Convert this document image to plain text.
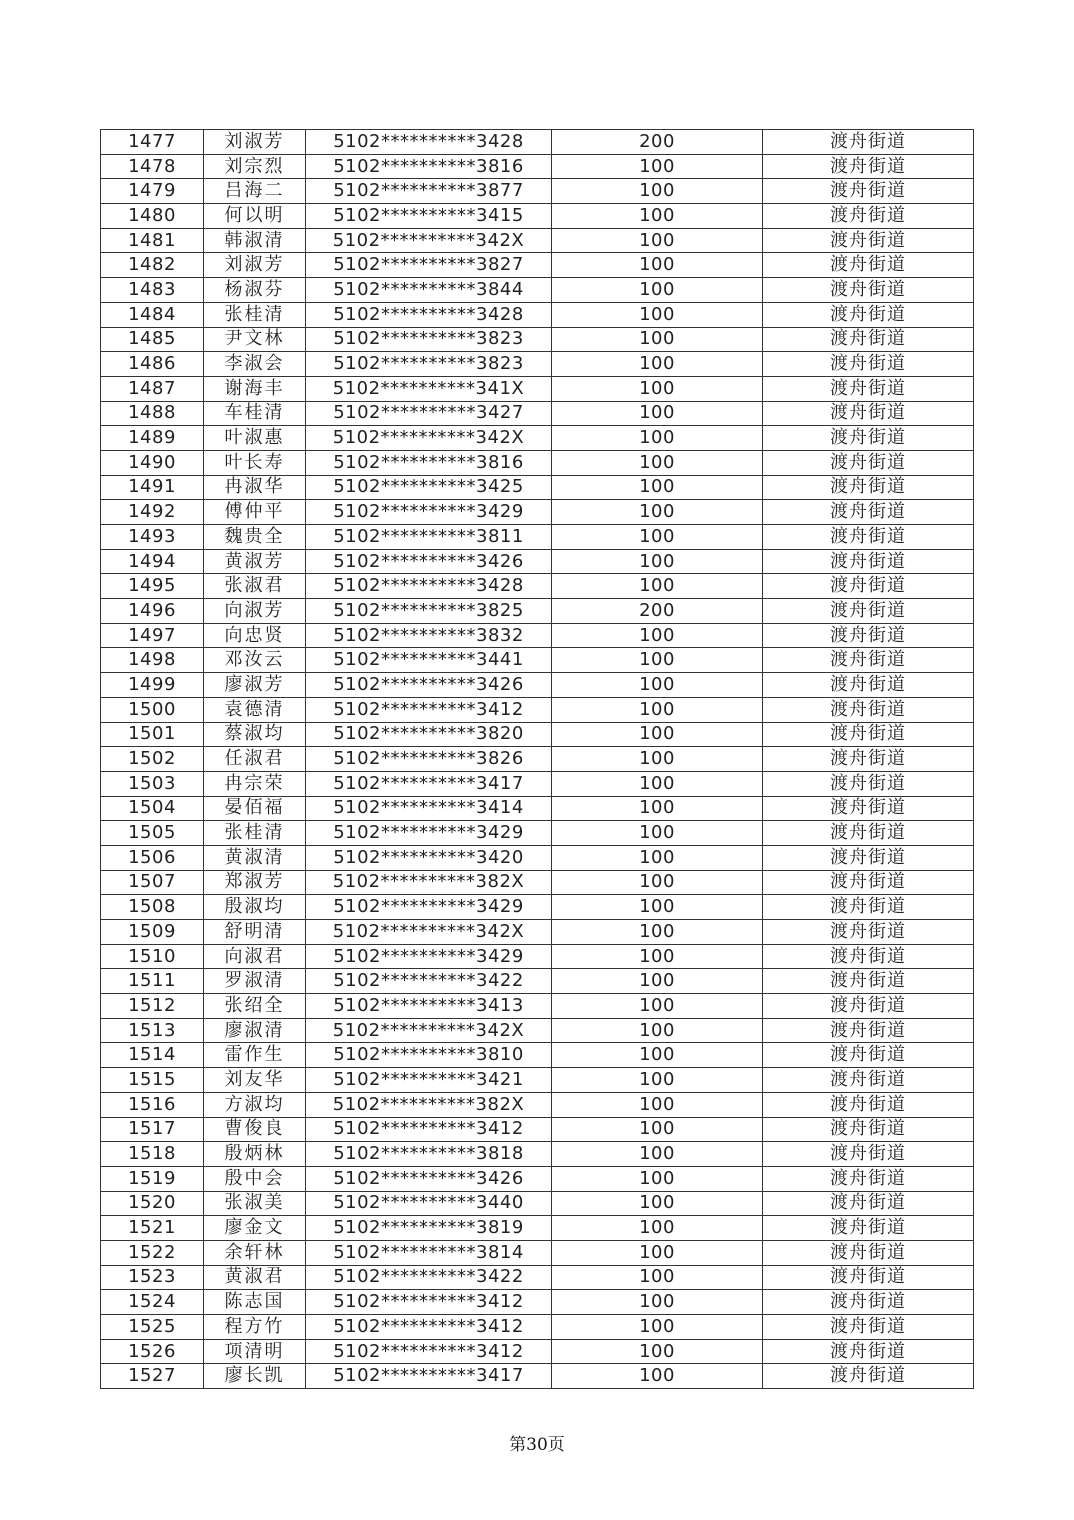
1477	刘淑芳	5102**********3428	200	渡舟街道
1478	刘宗烈	5102**********3816	100	渡舟街道
1479	吕海二	5102**********3877	100	渡舟街道
1480	何以明	5102**********3415	100	渡舟街道
1481	韩淑清	5102**********342X	100	渡舟街道
1482	刘淑芳	5102**********3827	100	渡舟街道
1483	杨淑芬	5102**********3844	100	渡舟街道
1484	张桂清	5102**********3428	100	渡舟街道
1485	尹文林	5102**********3823	100	渡舟街道
1486	李淑会	5102**********3823	100	渡舟街道
1487	谢海丰	5102**********341X	100	渡舟街道
1488	车桂清	5102**********3427	100	渡舟街道
1489	叶淑惠	5102**********342X	100	渡舟街道
1490	叶长寿	5102**********3816	100	渡舟街道
1491	冉淑华	5102**********3425	100	渡舟街道
1492	傅仲平	5102**********3429	100	渡舟街道
1493	魏贵全	5102**********3811	100	渡舟街道
1494	黄淑芳	5102**********3426	100	渡舟街道
1495	张淑君	5102**********3428	100	渡舟街道
1496	向淑芳	5102**********3825	200	渡舟街道
1497	向忠贤	5102**********3832	100	渡舟街道
1498	邓汝云	5102**********3441	100	渡舟街道
1499	廖淑芳	5102**********3426	100	渡舟街道
1500	袁德清	5102**********3412	100	渡舟街道
1501	蔡淑均	5102**********3820	100	渡舟街道
1502	任淑君	5102**********3826	100	渡舟街道
1503	冉宗荣	5102**********3417	100	渡舟街道
1504	晏佰福	5102**********3414	100	渡舟街道
1505	张桂清	5102**********3429	100	渡舟街道
1506	黄淑清	5102**********3420	100	渡舟街道
1507	郑淑芳	5102**********382X	100	渡舟街道
1508	殷淑均	5102**********3429	100	渡舟街道
1509	舒明清	5102**********342X	100	渡舟街道
1510	向淑君	5102**********3429	100	渡舟街道
1511	罗淑清	5102**********3422	100	渡舟街道
1512	张绍全	5102**********3413	100	渡舟街道
1513	廖淑清	5102**********342X	100	渡舟街道
1514	雷作生	5102**********3810	100	渡舟街道
1515	刘友华	5102**********3421	100	渡舟街道
1516	方淑均	5102**********382X	100	渡舟街道
1517	曹俊良	5102**********3412	100	渡舟街道
1518	殷炳林	5102**********3818	100	渡舟街道
1519	殷中会	5102**********3426	100	渡舟街道
1520	张淑美	5102**********3440	100	渡舟街道
1521	廖金文	5102**********3819	100	渡舟街道
1522	余轩林	5102**********3814	100	渡舟街道
1523	黄淑君	5102**********3422	100	渡舟街道
1524	陈志国	5102**********3412	100	渡舟街道
1525	程方竹	5102**********3412	100	渡舟街道
1526	项清明	5102**********3412	100	渡舟街道
1527	廖长凯	5102**********3417	100	渡舟街道
第30页
